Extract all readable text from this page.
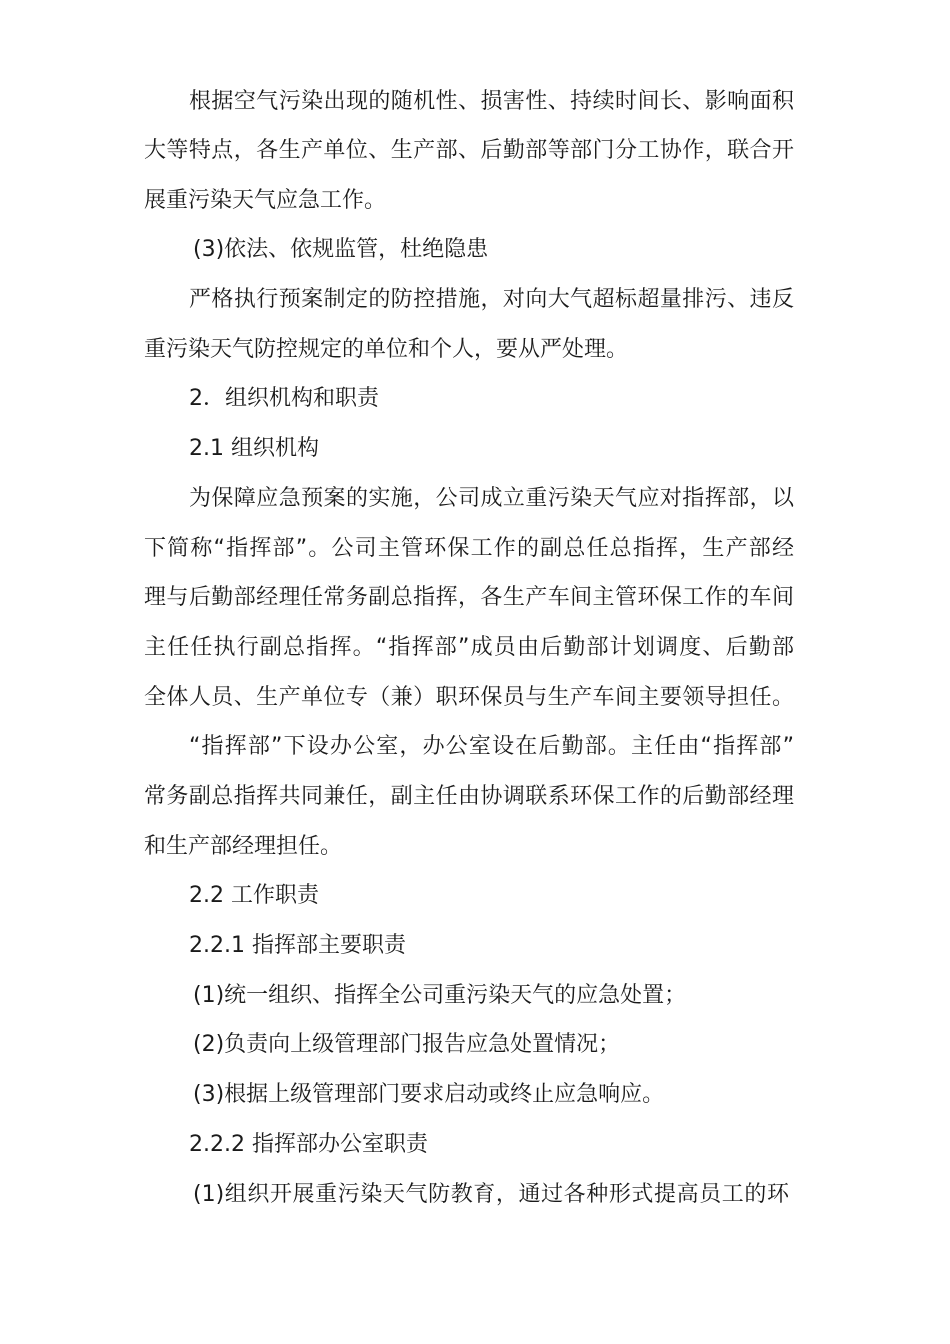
根据空气污染出现的随机性、损害性、持续时间长、影响面积
大等特点，各生产单位、生产部、后勤部等部门分工协作，联合开
展重污染天气应急工作。
(3)依法、依规监管，杜绝隐患
严格执行预案制定的防控措施，对向大气超标超量排污、违反
重污染天气防控规定的单位和个人，要从严处理。
2．组织机构和职责
2.1 组织机构
为保障应急预案的实施，公司成立重污染天气应对指挥部，以
下简称“指挥部”。公司主管环保工作的副总任总指挥，生产部经
理与后勤部经理任常务副总指挥，各生产车间主管环保工作的车间
主任任执行副总指挥。“指挥部”成员由后勤部计划调度、后勤部
全体人员、生产单位专（兼）职环保员与生产车间主要领导担任。
“指挥部”下设办公室，办公室设在后勤部。主任由“指挥部”
常务副总指挥共同兼任，副主任由协调联系环保工作的后勤部经理
和生产部经理担任。
2.2 工作职责
2.2.1 指挥部主要职责
(1)统一组织、指挥全公司重污染天气的应急处置；
(2)负责向上级管理部门报告应急处置情况；
(3)根据上级管理部门要求启动或终止应急响应。
2.2.2 指挥部办公室职责
(1)组织开展重污染天气防教育，通过各种形式提高员工的环
